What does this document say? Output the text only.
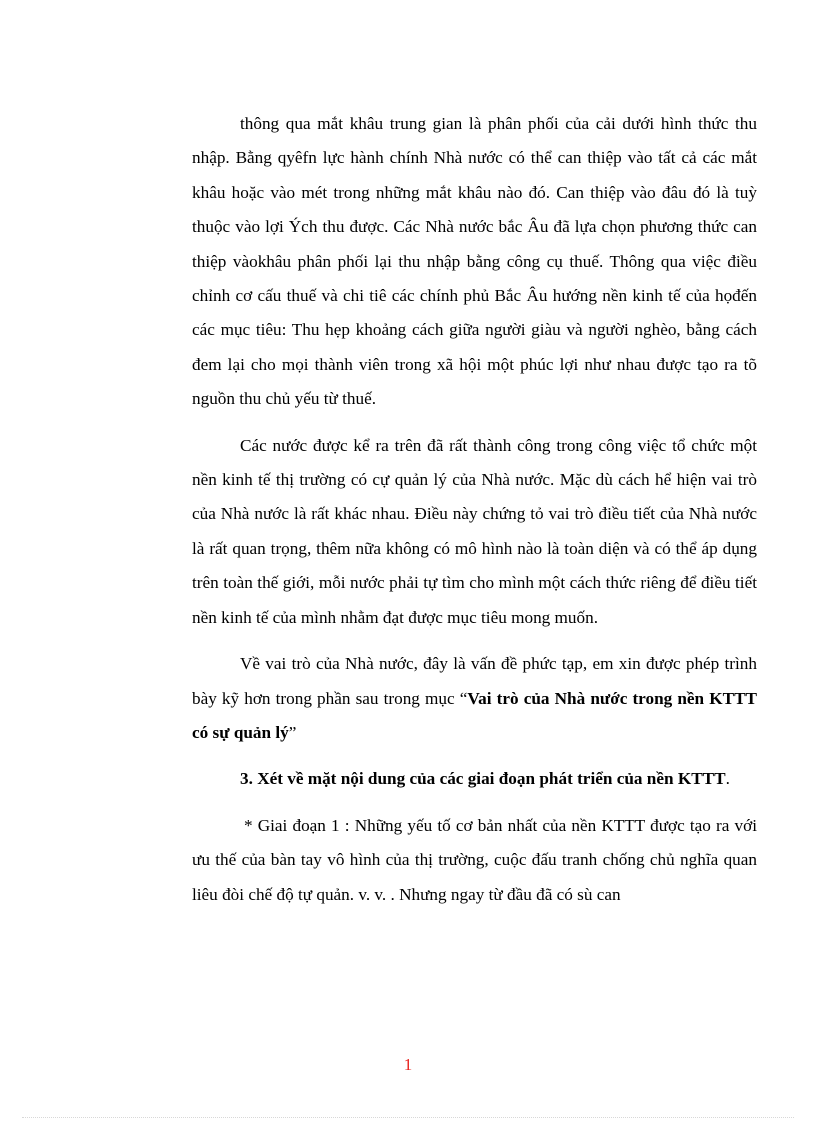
thông qua mắt khâu trung gian là phân phối của cải dưới hình thức thu nhập. Bằng qyêfn lực hành chính Nhà nước có thể can thiệp vào tất cả các mắt khâu hoặc vào mét trong những mắt khâu nào đó. Can thiệp vào đâu đó là tuỳ thuộc vào lợi Ých thu được. Các Nhà nước bắc Âu đã lựa chọn phương thức can thiệp vàokhâu phân phối lại thu nhập bằng công cụ thuế. Thông qua việc điều chỉnh cơ cấu thuế và chi tiê các chính phủ Bắc Âu hướng nền kinh tế của họđến các mục tiêu: Thu hẹp khoảng cách giữa người giàu và người nghèo, bằng cách đem lại cho mọi thành viên trong xã hội một phúc lợi như nhau được tạo ra tõ nguồn thu chủ yếu từ thuế.

Các nước được kể ra trên đã rất thành công trong công việc tổ chức một nền kinh tế thị trường có cự quản lý của Nhà nước. Mặc dù cách hể hiện vai trò của Nhà nước là rất khác nhau. Điều này chứng tỏ vai trò điều tiết của Nhà nước là rất quan trọng, thêm nữa không có mô hình nào là toàn diện và có thể áp dụng trên toàn thế giới, mỗi nước phải tự tìm cho mình một cách thức riêng để điều tiết nền kinh tế của mình nhằm đạt được mục tiêu mong muốn.

Về vai trò của Nhà nước, đây là vấn đề phức tạp, em xin được phép trình bày kỹ hơn trong phần sau trong mục “Vai trò của Nhà nước trong nền KTTT có sự quản lý”

3. Xét về mặt nội dung của các giai đoạn phát triển của nền KTTT.

* Giai đoạn 1 : Những yếu tố cơ bản nhất của nền KTTT được tạo ra với ưu thế của bàn tay vô hình của thị trường, cuộc đấu tranh chống chủ nghĩa quan liêu đòi chế độ tự quản. v. v. . Nhưng ngay từ đầu đã có sù can

1
